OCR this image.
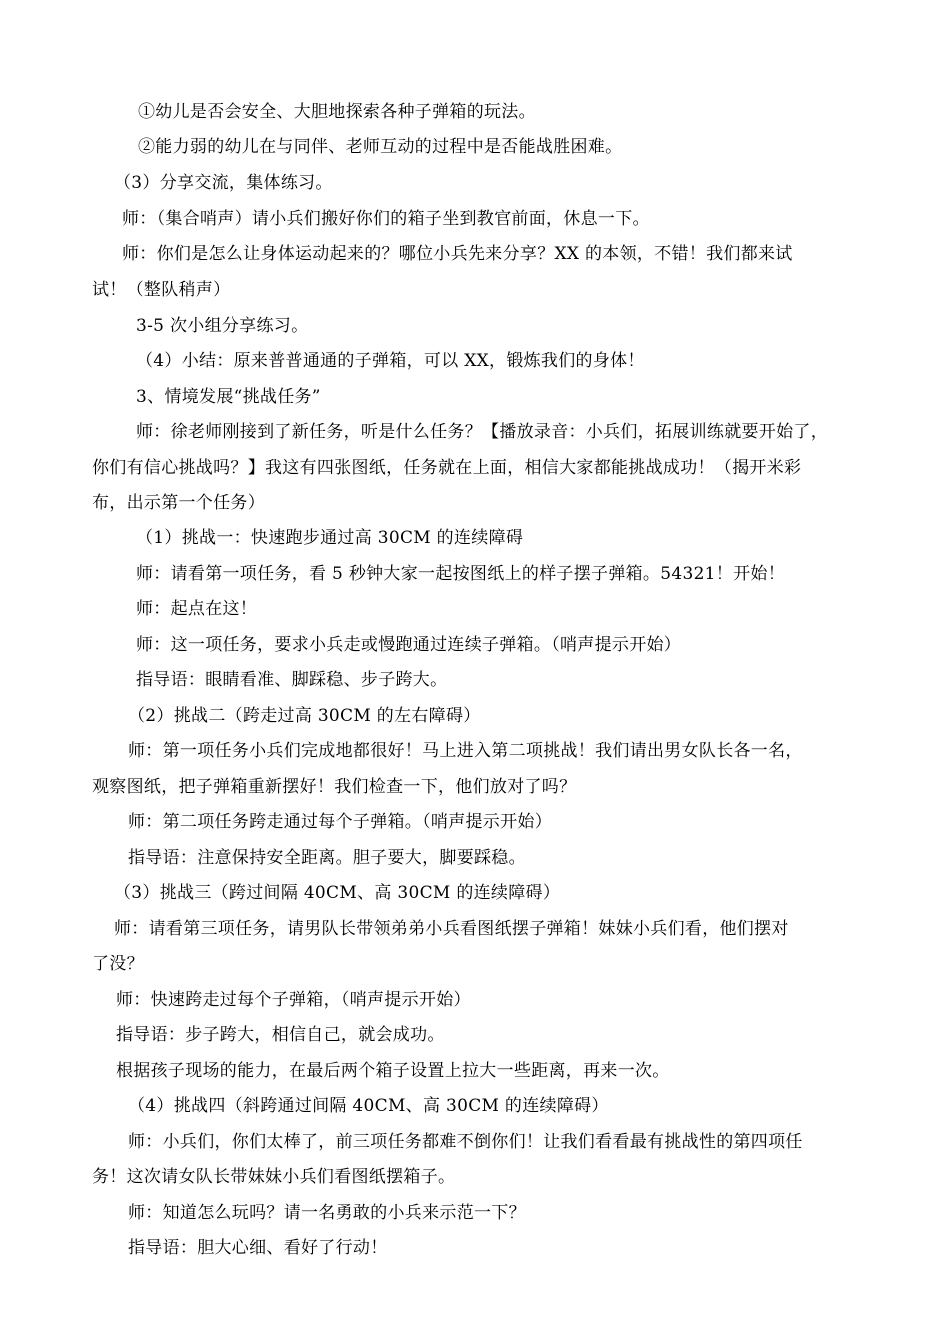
①幼儿是否会安全、大胆地探索各种子弹箱的玩法。
②能力弱的幼儿在与同伴、老师互动的过程中是否能战胜困难。
（3）分享交流，集体练习。
师：（集合哨声）请小兵们搬好你们的箱子坐到教官前面，休息一下。
师：你们是怎么让身体运动起来的？哪位小兵先来分享？XX 的本领，不错！我们都来试
试！（整队稍声）
3-5 次小组分享练习。
（4）小结：原来普普通通的子弹箱，可以 XX，锻炼我们的身体！
3、情境发展“挑战任务”
师：徐老师刚接到了新任务，听是什么任务？【播放录音：小兵们，拓展训练就要开始了，
你们有信心挑战吗？】我这有四张图纸，任务就在上面，相信大家都能挑战成功！（揭开米彩
布，出示第一个任务）
（1）挑战一：快速跑步通过高 30CM 的连续障碍
师：请看第一项任务，看 5 秒钟大家一起按图纸上的样子摆子弹箱。54321！开始！
师：起点在这！
师：这一项任务，要求小兵走或慢跑通过连续子弹箱。（哨声提示开始）
指导语：眼睛看准、脚踩稳、步子跨大。
（2）挑战二（跨走过高 30CM 的左右障碍）
师：第一项任务小兵们完成地都很好！马上进入第二项挑战！我们请出男女队长各一名，
观察图纸，把子弹箱重新摆好！我们检查一下，他们放对了吗？
师：第二项任务跨走通过每个子弹箱。（哨声提示开始）
指导语：注意保持安全距离。胆子要大，脚要踩稳。
（3）挑战三（跨过间隔 40CM、高 30CM 的连续障碍）
师：请看第三项任务，请男队长带领弟弟小兵看图纸摆子弹箱！妹妹小兵们看，他们摆对
了没？
师：快速跨走过每个子弹箱，（哨声提示开始）
指导语：步子跨大，相信自己，就会成功。
根据孩子现场的能力，在最后两个箱子设置上拉大一些距离，再来一次。
（4）挑战四（斜跨通过间隔 40CM、高 30CM 的连续障碍）
师：小兵们，你们太棒了，前三项任务都难不倒你们！让我们看看最有挑战性的第四项任
务！这次请女队长带妹妹小兵们看图纸摆箱子。
师：知道怎么玩吗？请一名勇敢的小兵来示范一下？
指导语：胆大心细、看好了行动！
